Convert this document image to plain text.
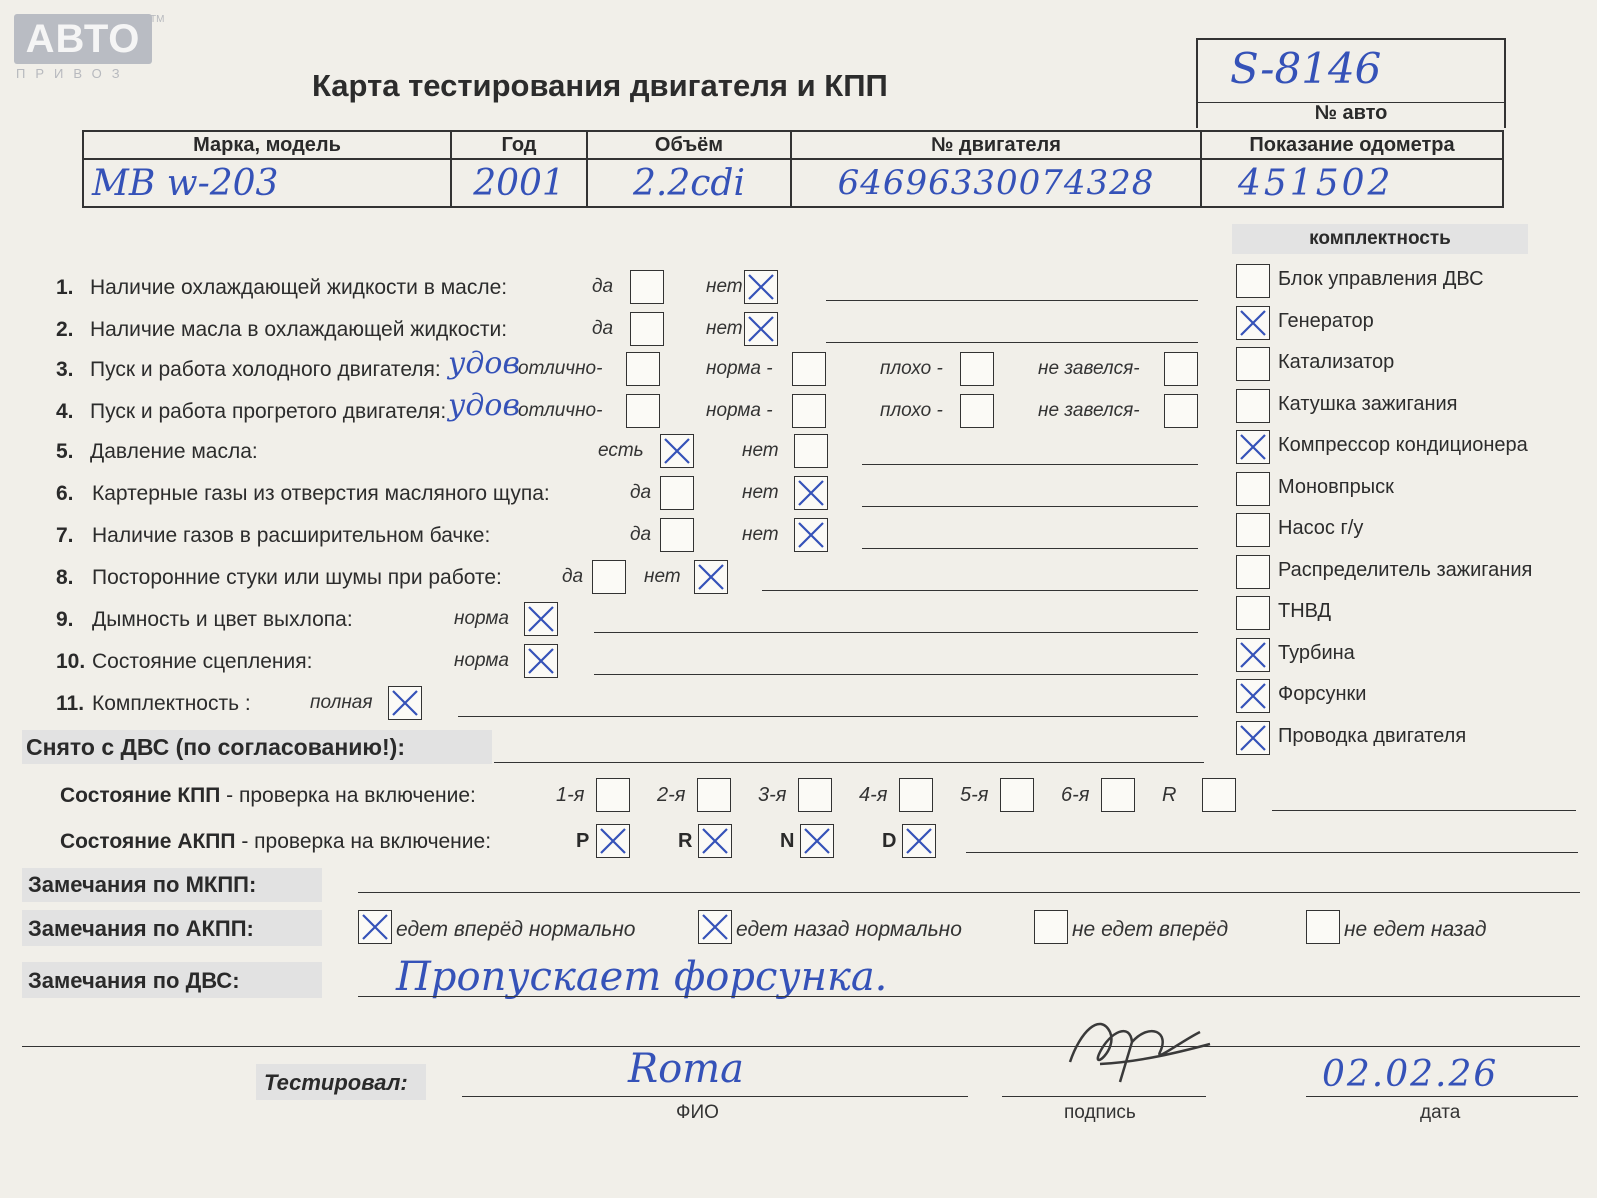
АВТО TM
ПРИВОЗ	Карта тестирования двигателя и КПП	S-8146
№ авто
Марка, модель	Год	Объём	№ двигателя	Показание одометра
MB w-203	2001	2.2cdi	64696330074328	451502
комплектность
Снято с ДВС (по согласованию!):
Состояние КПП - проверка на включение:
Состояние АКПП - проверка на включение:
Замечания по МКПП:
Замечания по АКПП:
Замечания по ДВС:	Пропускает форсунка.
Тестировал:	Roma
ФИО	подпись
02.02.26
дата
Блок управления ДВС
Генератор
Катализатор
Катушка зажигания
Компрессор кондиционера
Моновпрыск
Насос г/у
Распределитель зажигания
ТНВД
Турбина
Форсунки
Проводка двигателя
1. Наличие охлаждающей жидкости в масле:	да	нет
2. Наличие масла в охлаждающей жидкости:	да	нет
3. Пуск и работа холодного двигателя: удов
отлично-	норма -	плохо -	не завелся-
4. Пуск и работа прогретого двигателя: удов
отлично-	норма -	плохо -	не завелся-
5. Давление масла:	есть	нет
6. Картерные газы из отверстия масляного щупа:	да	нет
7. Наличие газов в расширительном бачке:	да	нет
8. Посторонние стуки или шумы при работе:	да	нет
9. Дымность и цвет выхлопа:	норма
10. Состояние сцепления:	норма
11. Комплектность :	полная
1-я	2-я	3-я	4-я	5-я	6-я	R
P	R	N	D
едет вперёд нормально	едет назад нормально	не едет вперёд	не едет назад
